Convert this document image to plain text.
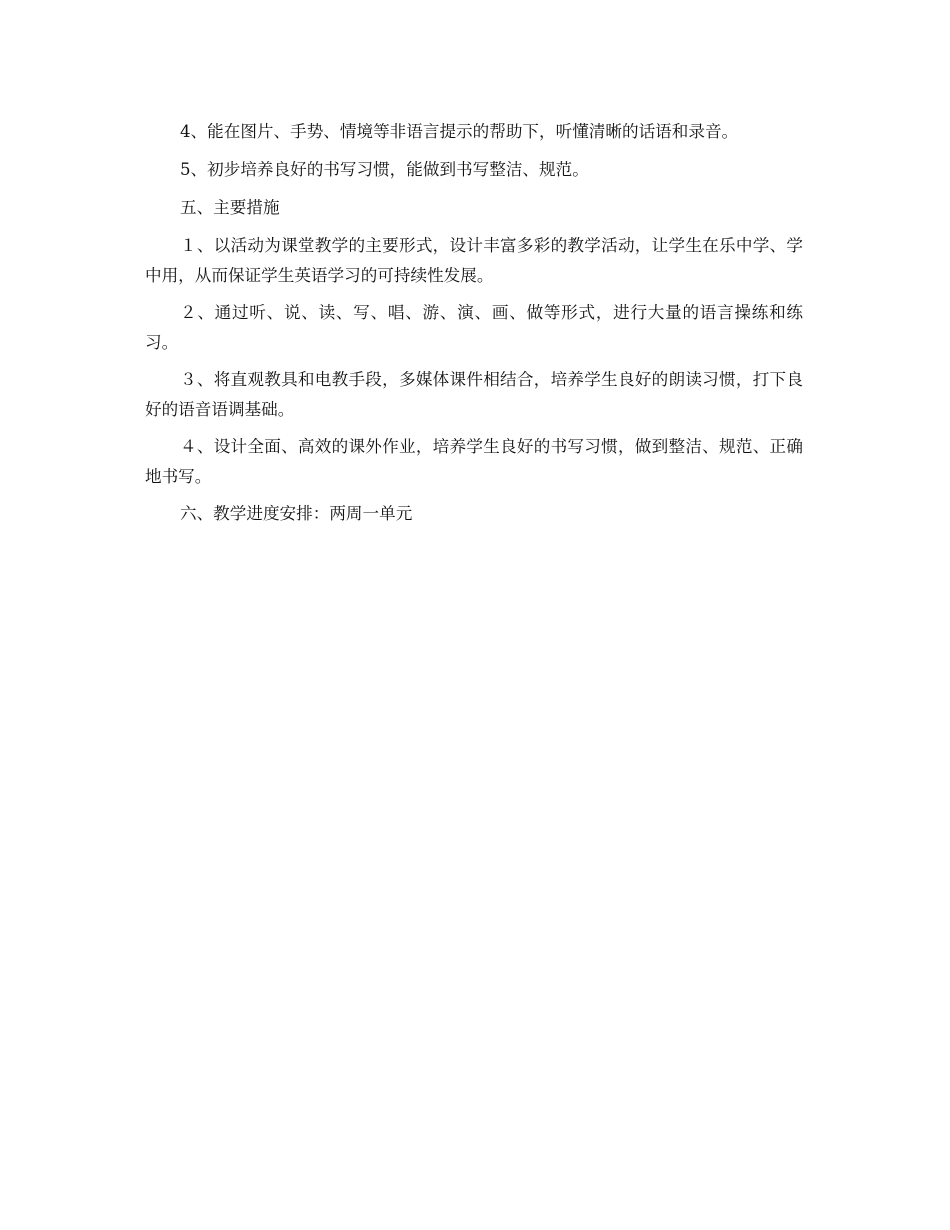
4、能在图片、手势、情境等非语言提示的帮助下，听懂清晰的话语和录音。

5、初步培养良好的书写习惯，能做到书写整洁、规范。

五、主要措施

１、以活动为课堂教学的主要形式，设计丰富多彩的教学活动，让学生在乐中学、学中用，从而保证学生英语学习的可持续性发展。

２、通过听、说、读、写、唱、游、演、画、做等形式，进行大量的语言操练和练习。

３、将直观教具和电教手段，多媒体课件相结合，培养学生良好的朗读习惯，打下良好的语音语调基础。

４、设计全面、高效的课外作业，培养学生良好的书写习惯，做到整洁、规范、正确地书写。

六、教学进度安排：两周一单元
